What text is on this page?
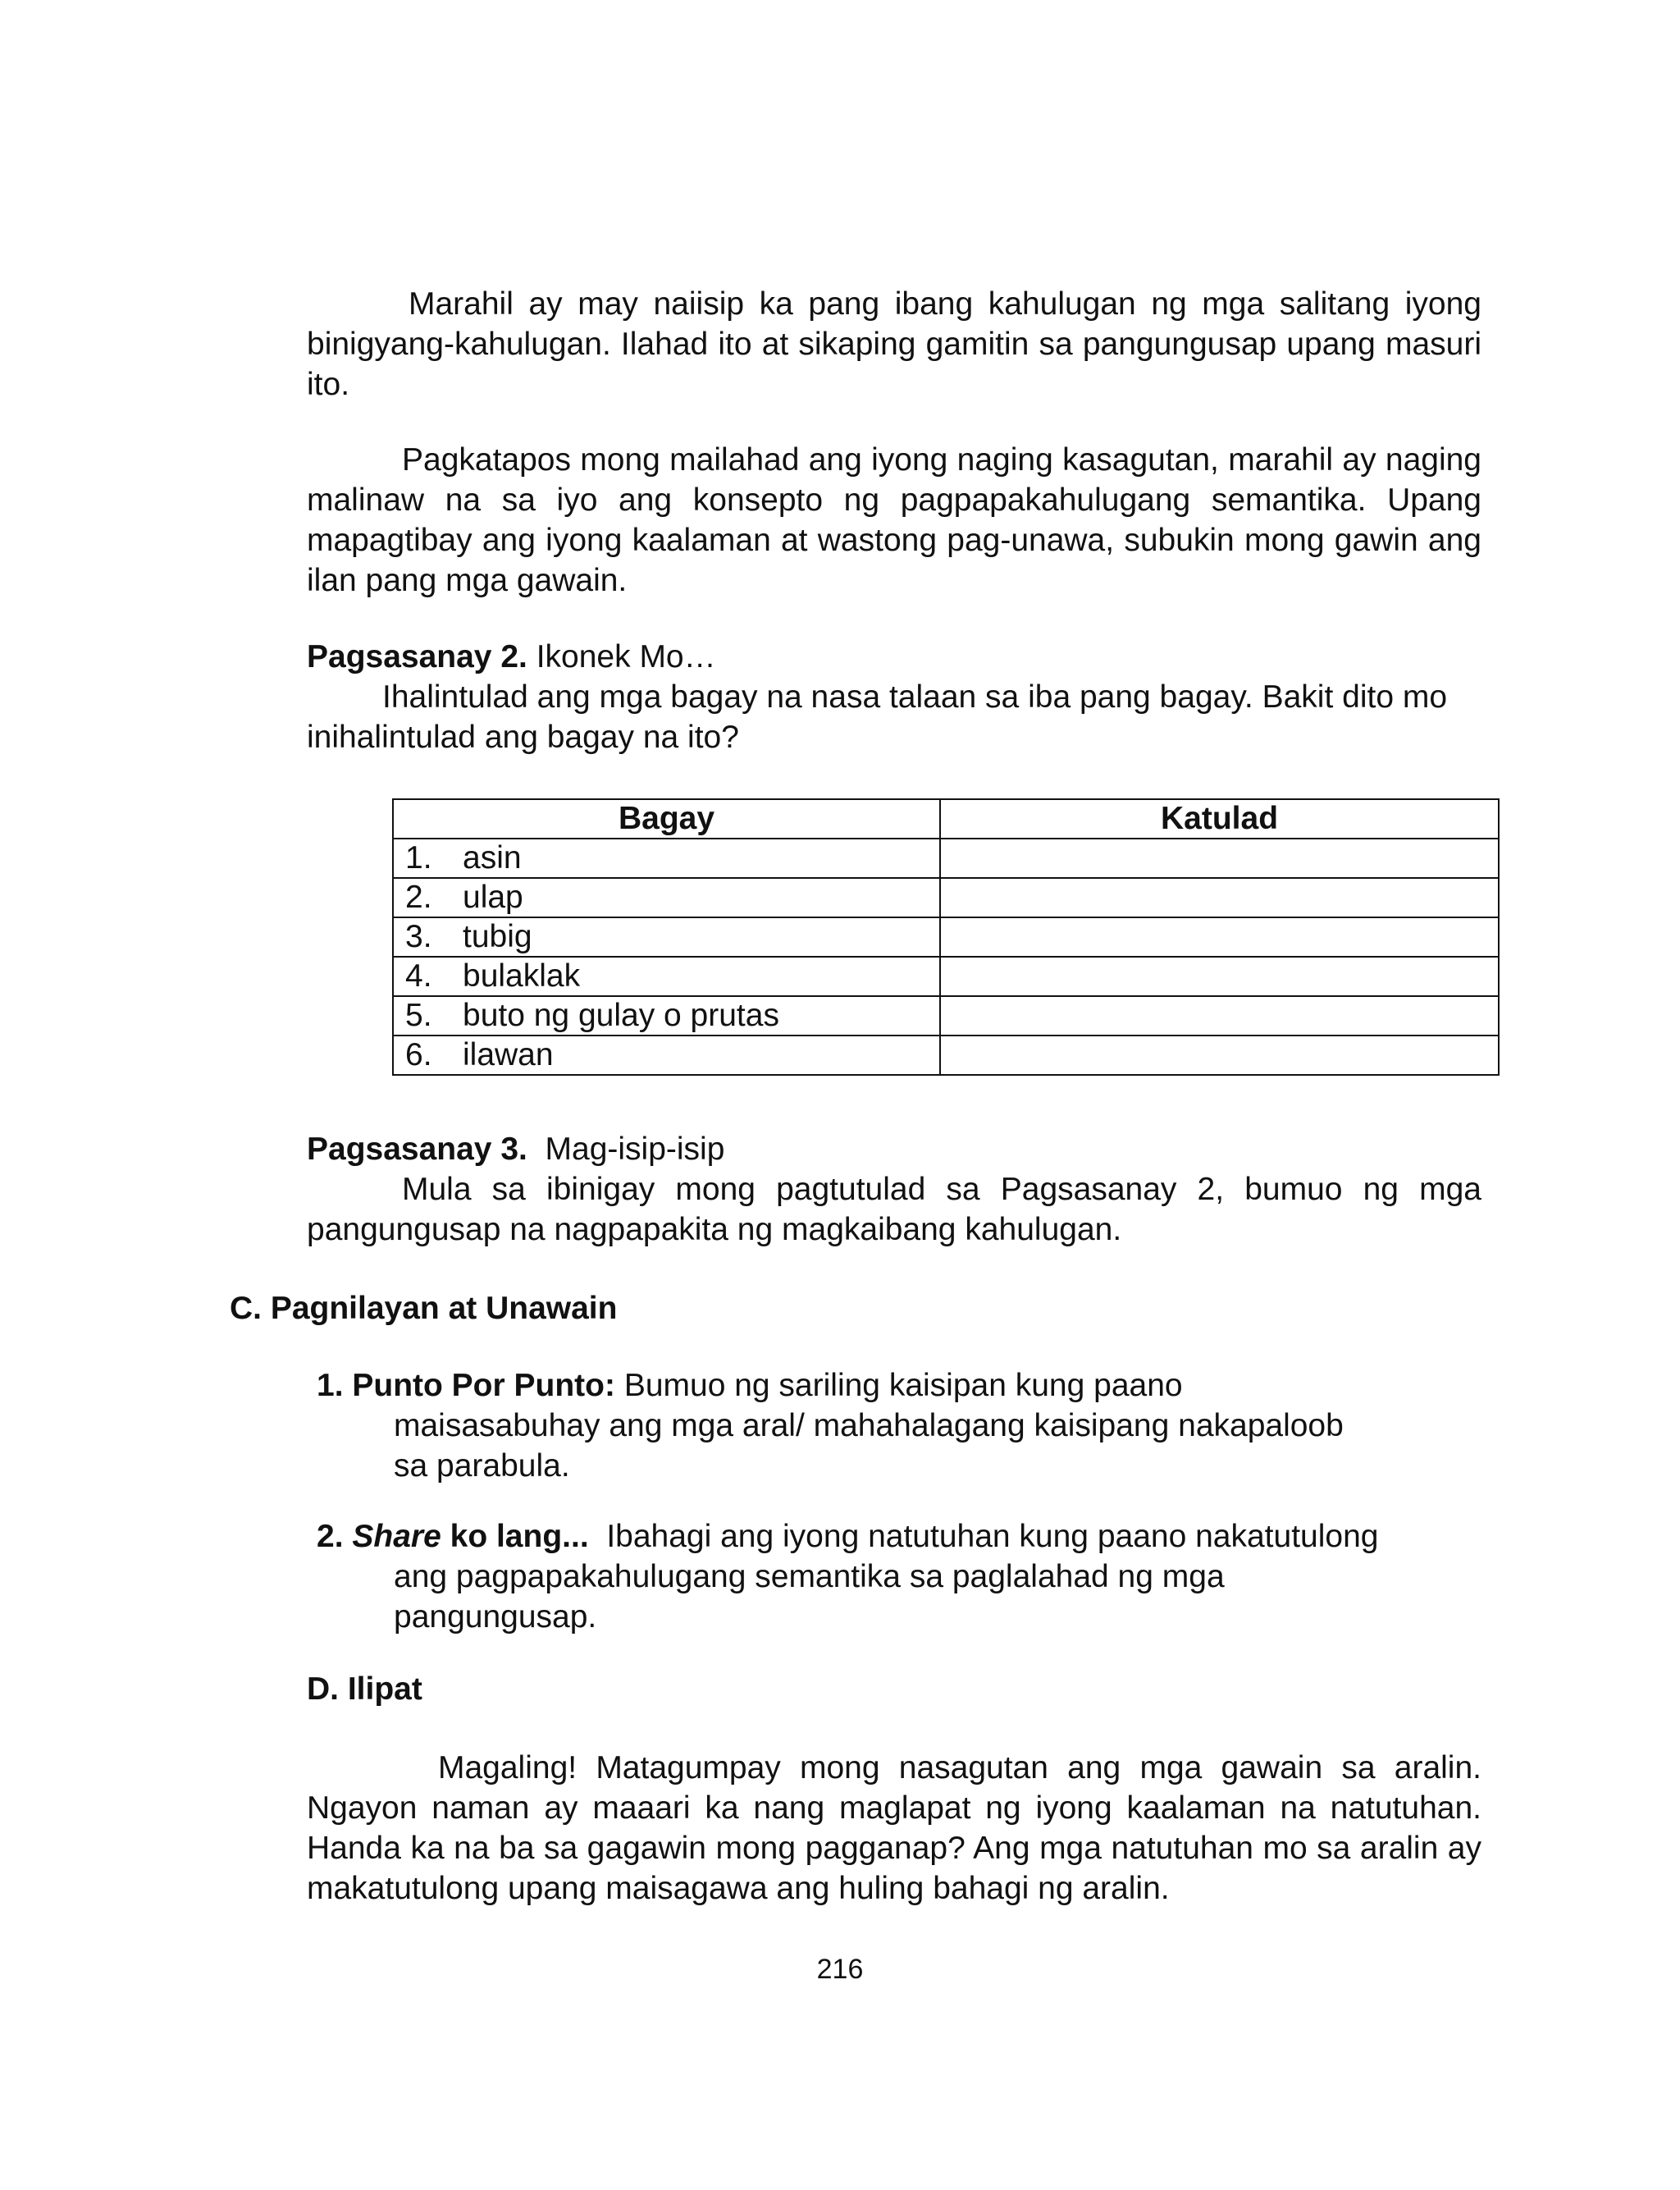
Marahil ay may naiisip ka pang ibang kahulugan ng mga salitang iyong binigyang-kahulugan. Ilahad ito at sikaping gamitin sa pangungusap upang masuri ito.

Pagkatapos mong mailahad ang iyong naging kasagutan, marahil ay naging malinaw na sa iyo ang konsepto ng pagpapakahulugang semantika. Upang mapagtibay ang iyong kaalaman at wastong pag-unawa, subukin mong gawin ang ilan pang mga gawain.

Pagsasanay 2. Ikonek Mo…

Ihalintulad ang mga bagay na nasa talaan sa iba pang bagay. Bakit dito mo inihalintulad ang bagay na ito?

Bagay	Katulad
1. asin	
2. ulap	
3. tubig	
4. bulaklak	
5. buto ng gulay o prutas	
6. ilawan	

Pagsasanay 3. Mag-isip-isip

Mula sa ibinigay mong pagtutulad sa Pagsasanay 2, bumuo ng mga pangungusap na nagpapakita ng magkaibang kahulugan.

C. Pagnilayan at Unawain

1. Punto Por Punto: Bumuo ng sariling kaisipan kung paano
maisasabuhay ang mga aral/ mahahalagang kaisipang nakapaloob
sa parabula.
2. Share ko lang... Ibahagi ang iyong natutuhan kung paano nakatutulong
ang pagpapakahulugang semantika sa paglalahad ng mga
pangungusap.

D. Ilipat

Magaling! Matagumpay mong nasagutan ang mga gawain sa aralin. Ngayon naman ay maaari ka nang maglapat ng iyong kaalaman na natutuhan. Handa ka na ba sa gagawin mong pagganap? Ang mga natutuhan mo sa aralin ay makatutulong upang maisagawa ang huling bahagi ng aralin.

216
